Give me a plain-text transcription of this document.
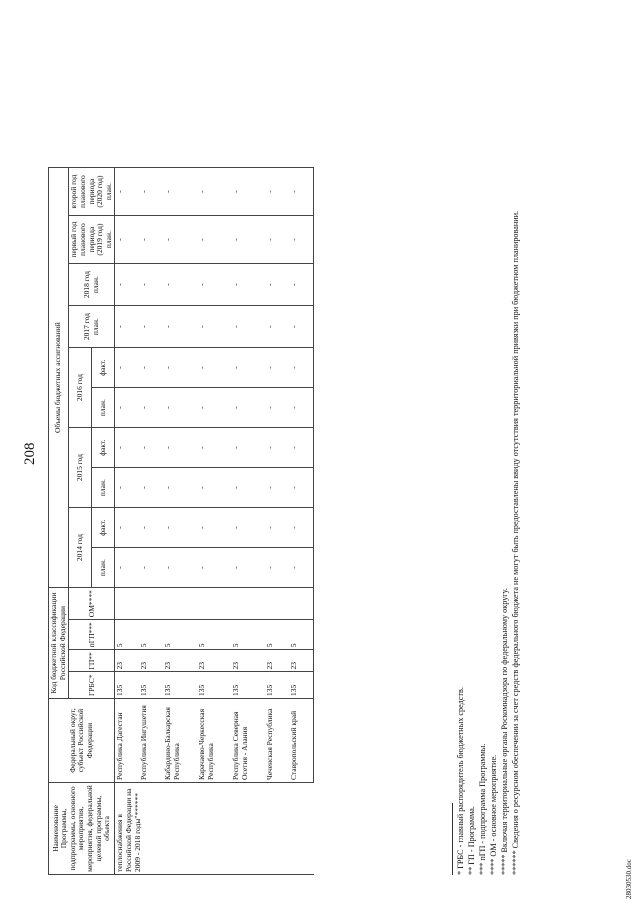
208
Наименование Программы, подпрограммы, основного мероприятия, мероприятия, федеральной целевой программы, объекта	Федеральный округ, субъект Российской Федерации	Код бюджетной классификации Российской Федерации				Объемы бюджетных ассигнований									
		ГРБС*	ГП**	пГП***	ОМ****	2014 год		2015 год		2016 год		2017 год план.	2018 год план.	первый год планового периода (2019 год) план.	второй год планового периода (2020 год) план.
						план.	факт.	план.	факт.	план.	факт.				
теплоснабжения в Российской Федерации на 2009 - 2018 годы"******	Республика Дагестан	135	23	5		-	-	-	-	-	-	-	-	-	-
	Республика Ингушетия	135	23	5		-	-	-	-	-	-	-	-	-	-
	Кабардино-Балкарская Республика	135	23	5		-	-	-	-	-	-	-	-	-	-
	Карачаево-Черкесская Республика	135	23	5		-	-	-	-	-	-	-	-	-	-
	Республика Северная Осетия - Алания	135	23	5		-	-	-	-	-	-	-	-	-	-
	Чеченская Республика	135	23	5		-	-	-	-	-	-	-	-	-	-
	Ставропольский край	135	23	5		-	-	-	-	-	-	-	-	-	-

* ГРБС - главный распорядитель бюджетных средств. ** ГП - Программа. *** пГП - подпрограмма Программы. **** ОМ - основное мероприятие. ***** Включая территориальные органы Роскомнадзора по федеральному округу. ****** Сведения о ресурсном обеспечении за счет средств федерального бюджета не могут быть предоставлены ввиду отсутствия территориальной привязки при бюджетном планировании.

28030530.doc
